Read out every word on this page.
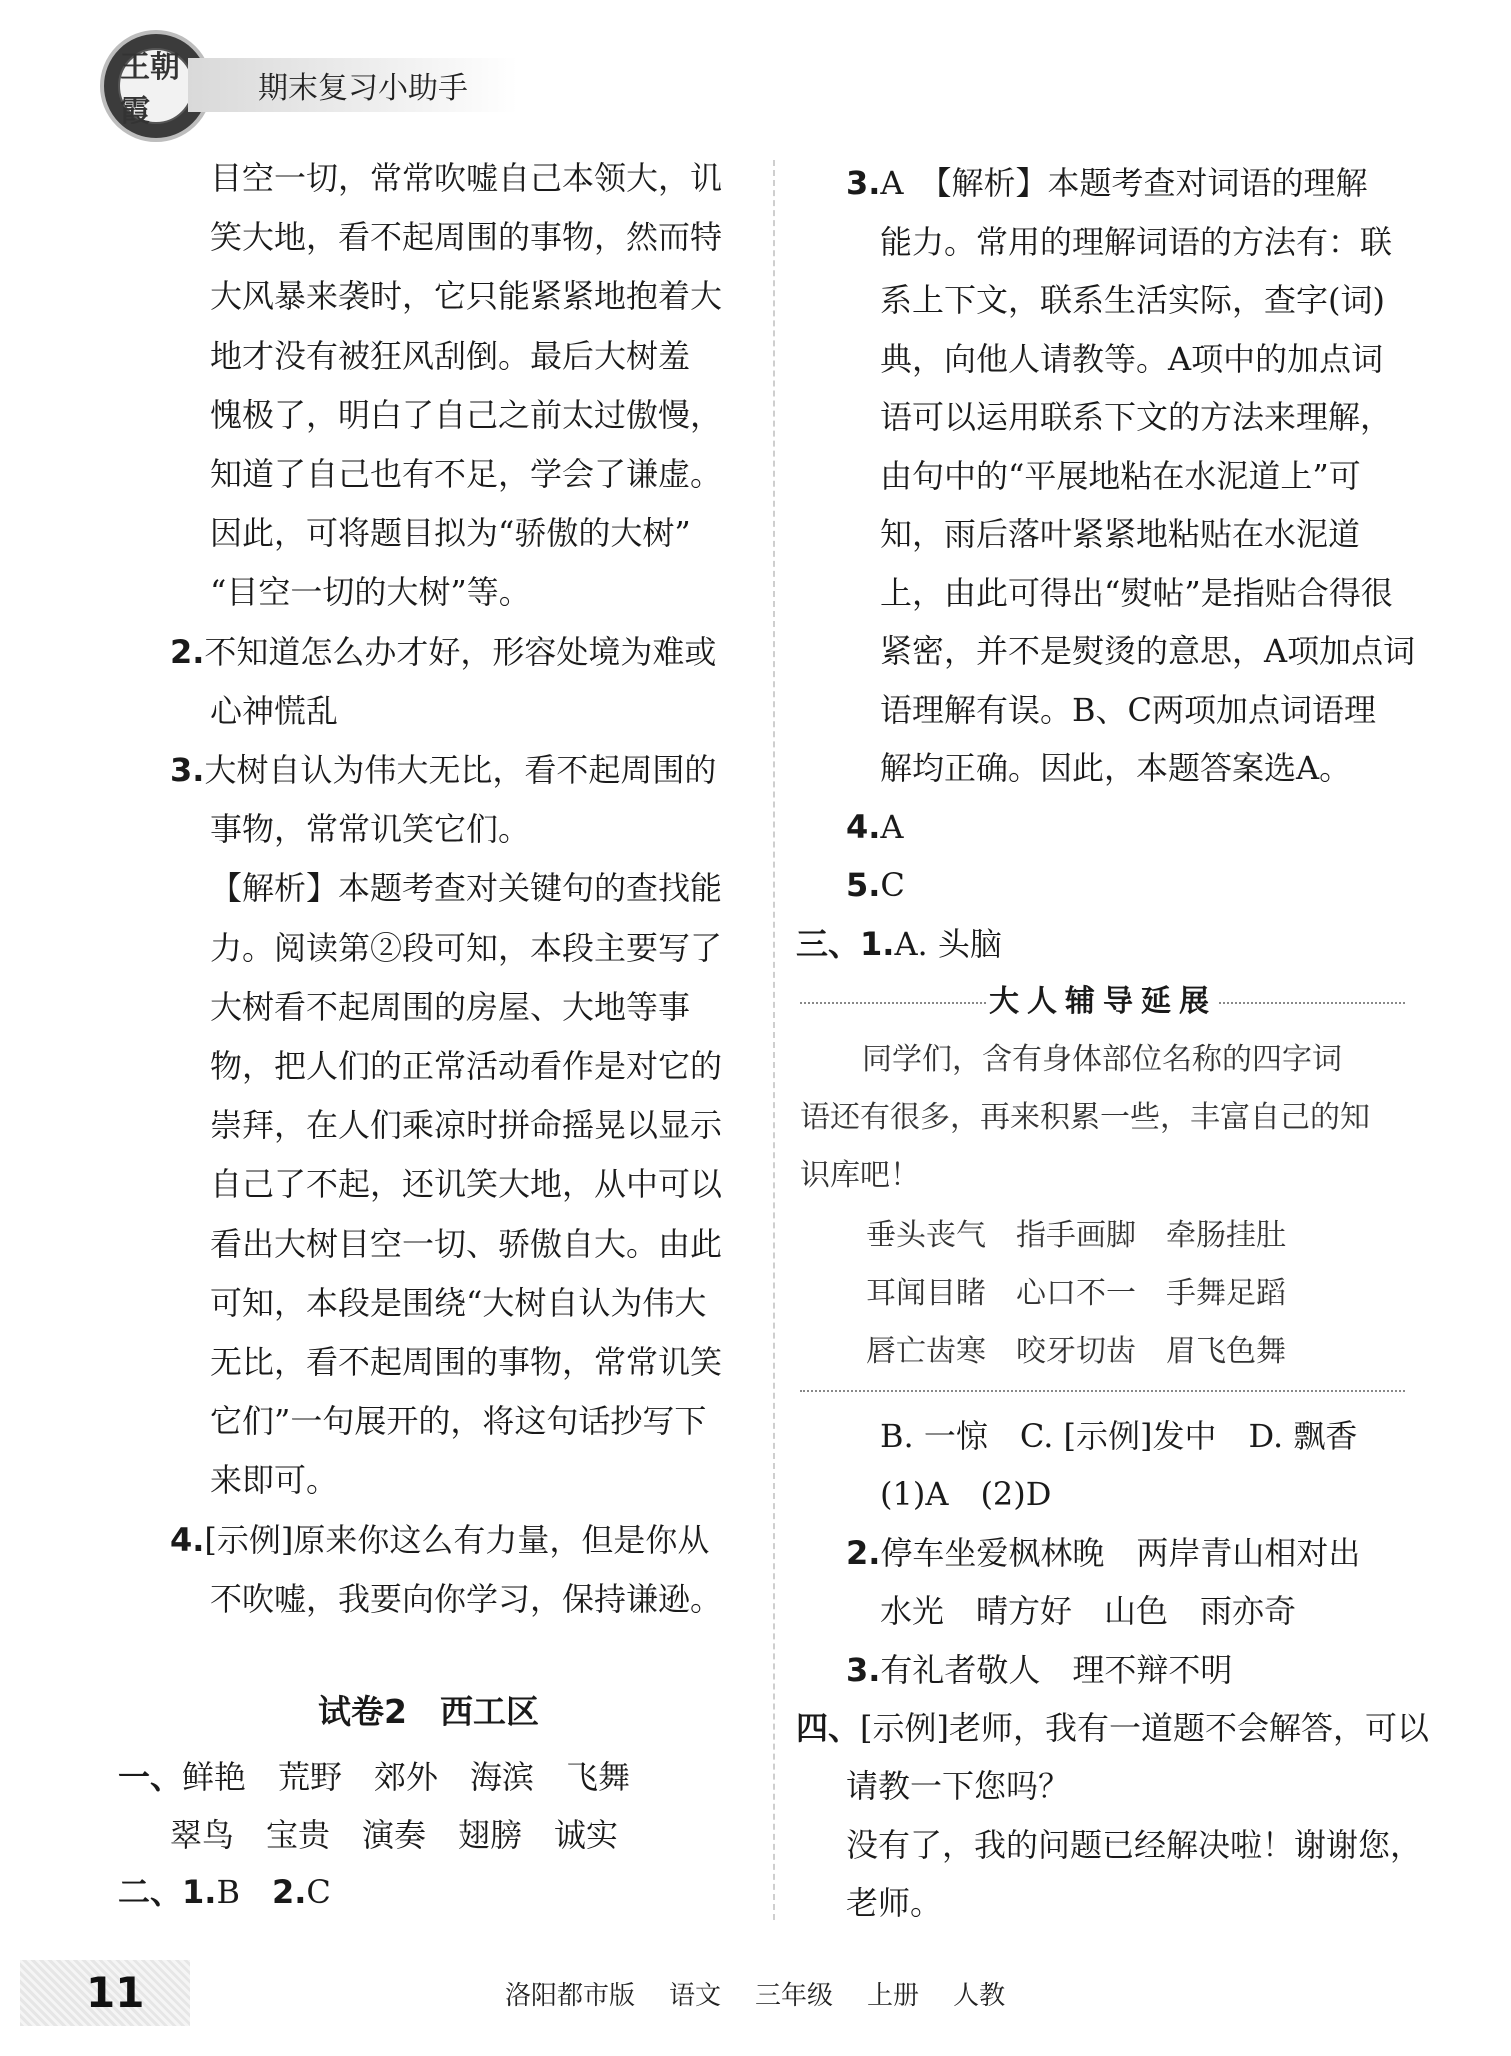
王朝霞
期末复习小助手
目空一切，常常吹嘘自己本领大，讥
笑大地，看不起周围的事物，然而特
大风暴来袭时，它只能紧紧地抱着大
地才没有被狂风刮倒。最后大树羞
愧极了，明白了自己之前太过傲慢，
知道了自己也有不足，学会了谦虚。
因此，可将题目拟为“骄傲的大树”
“目空一切的大树”等。
2.不知道怎么办才好，形容处境为难或
心神慌乱
3.大树自认为伟大无比，看不起周围的
事物，常常讥笑它们。
【解析】本题考查对关键句的查找能
力。阅读第②段可知，本段主要写了
大树看不起周围的房屋、大地等事
物，把人们的正常活动看作是对它的
崇拜，在人们乘凉时拼命摇晃以显示
自己了不起，还讥笑大地，从中可以
看出大树目空一切、骄傲自大。由此
可知，本段是围绕“大树自认为伟大
无比，看不起周围的事物，常常讥笑
它们”一句展开的，将这句话抄写下
来即可。
4.[示例]原来你这么有力量，但是你从
不吹嘘，我要向你学习，保持谦逊。
试卷2　西工区
一、鲜艳　荒野　郊外　海滨　飞舞
翠鸟　宝贵　演奏　翅膀　诚实
二、1.B　2.C
3.A　【解析】本题考查对词语的理解
能力。常用的理解词语的方法有：联
系上下文，联系生活实际，查字(词)
典，向他人请教等。A项中的加点词
语可以运用联系下文的方法来理解，
由句中的“平展地粘在水泥道上”可
知，雨后落叶紧紧地粘贴在水泥道
上，由此可得出“熨帖”是指贴合得很
紧密，并不是熨烫的意思，A项加点词
语理解有误。B、C两项加点词语理
解均正确。因此，本题答案选A。
4.A
5.C
三、1.A. 头脑
大人辅导延展
同学们，含有身体部位名称的四字词
语还有很多，再来积累一些，丰富自己的知
识库吧！
垂头丧气　指手画脚　牵肠挂肚
耳闻目睹　心口不一　手舞足蹈
唇亡齿寒　咬牙切齿　眉飞色舞
B. 一惊　C. [示例]发中　D. 飘香
(1)A　(2)D
2.停车坐爱枫林晚　两岸青山相对出
水光　晴方好　山色　雨亦奇
3.有礼者敬人　理不辩不明
四、[示例]老师，我有一道题不会解答，可以
请教一下您吗？
没有了，我的问题已经解决啦！谢谢您，
老师。
11	洛阳都市版 语文 三年级 上册 人教
